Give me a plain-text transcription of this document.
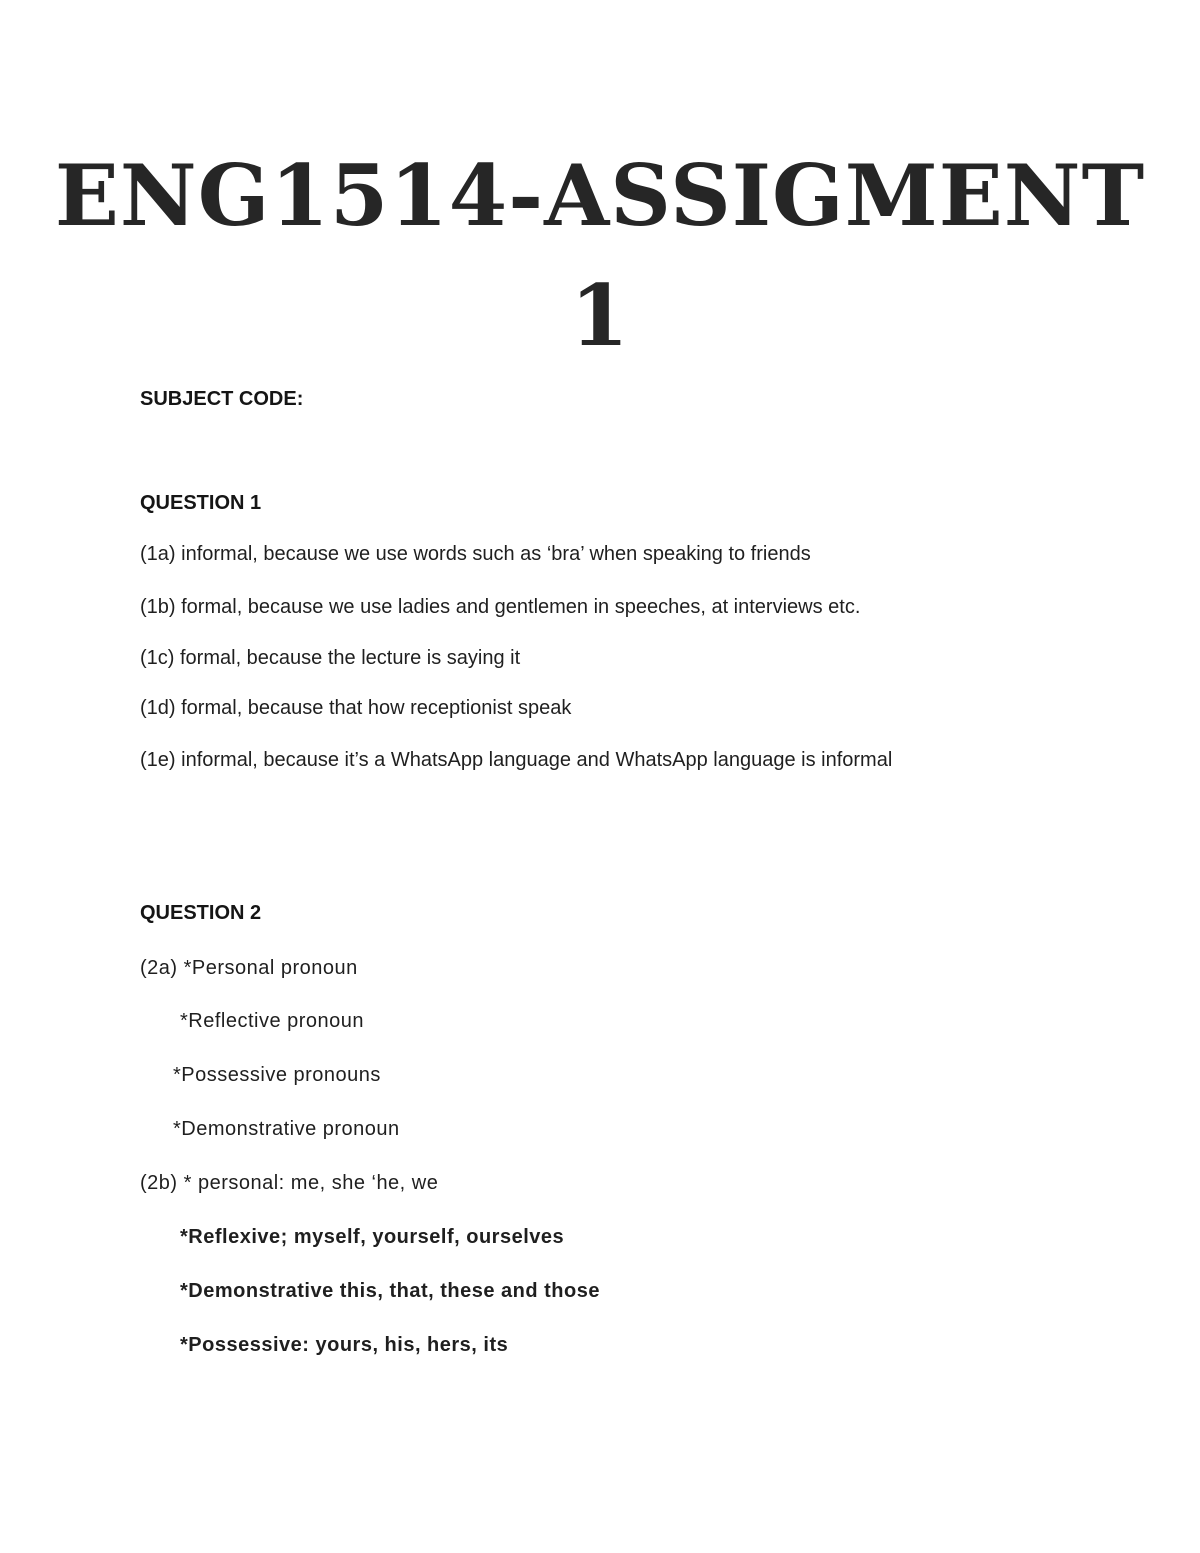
ENG1514-ASSIGMENT
1
SUBJECT CODE:
QUESTION 1
(1a) informal, because we use words such as ‘bra’ when speaking to friends
(1b) formal, because we use ladies and gentlemen in speeches, at interviews etc.
(1c) formal, because the lecture is saying it
(1d) formal, because that how receptionist speak
(1e) informal, because it’s a WhatsApp language and WhatsApp language is informal
QUESTION 2
(2a) *Personal pronoun
*Reflective pronoun
*Possessive pronouns
*Demonstrative pronoun
(2b) * personal: me, she ‘he, we
*Reflexive; myself, yourself, ourselves
*Demonstrative this, that, these and those
*Possessive: yours, his, hers, its
